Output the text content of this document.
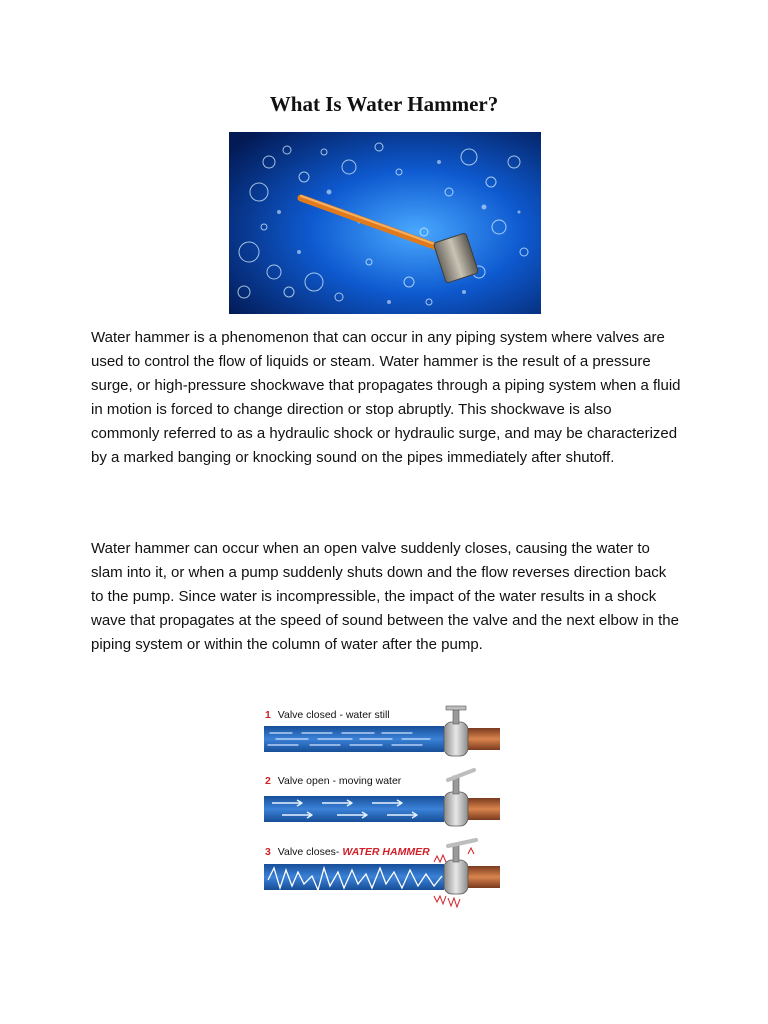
What Is Water Hammer?

Water hammer is a phenomenon that can occur in any piping system where valves are used to control the flow of liquids or steam. Water hammer is the result of a pressure surge, or high-pressure shockwave that propagates through a piping system when a fluid in motion is forced to change direction or stop abruptly. This shockwave is also commonly referred to as a hydraulic shock or hydraulic surge, and may be characterized by a marked banging or knocking sound on the pipes immediately after shutoff.

Water hammer can occur when an open valve suddenly closes, causing the water to slam into it, or when a pump suddenly shuts down and the flow reverses direction back to the pump. Since water is incompressible, the impact of the water results in a shock wave that propagates at the speed of sound between the valve and the next elbow in the piping system or within the column of water after the pump.

1 Valve closed - water still
2 Valve open - moving water
3 Valve closes- WATER HAMMER
